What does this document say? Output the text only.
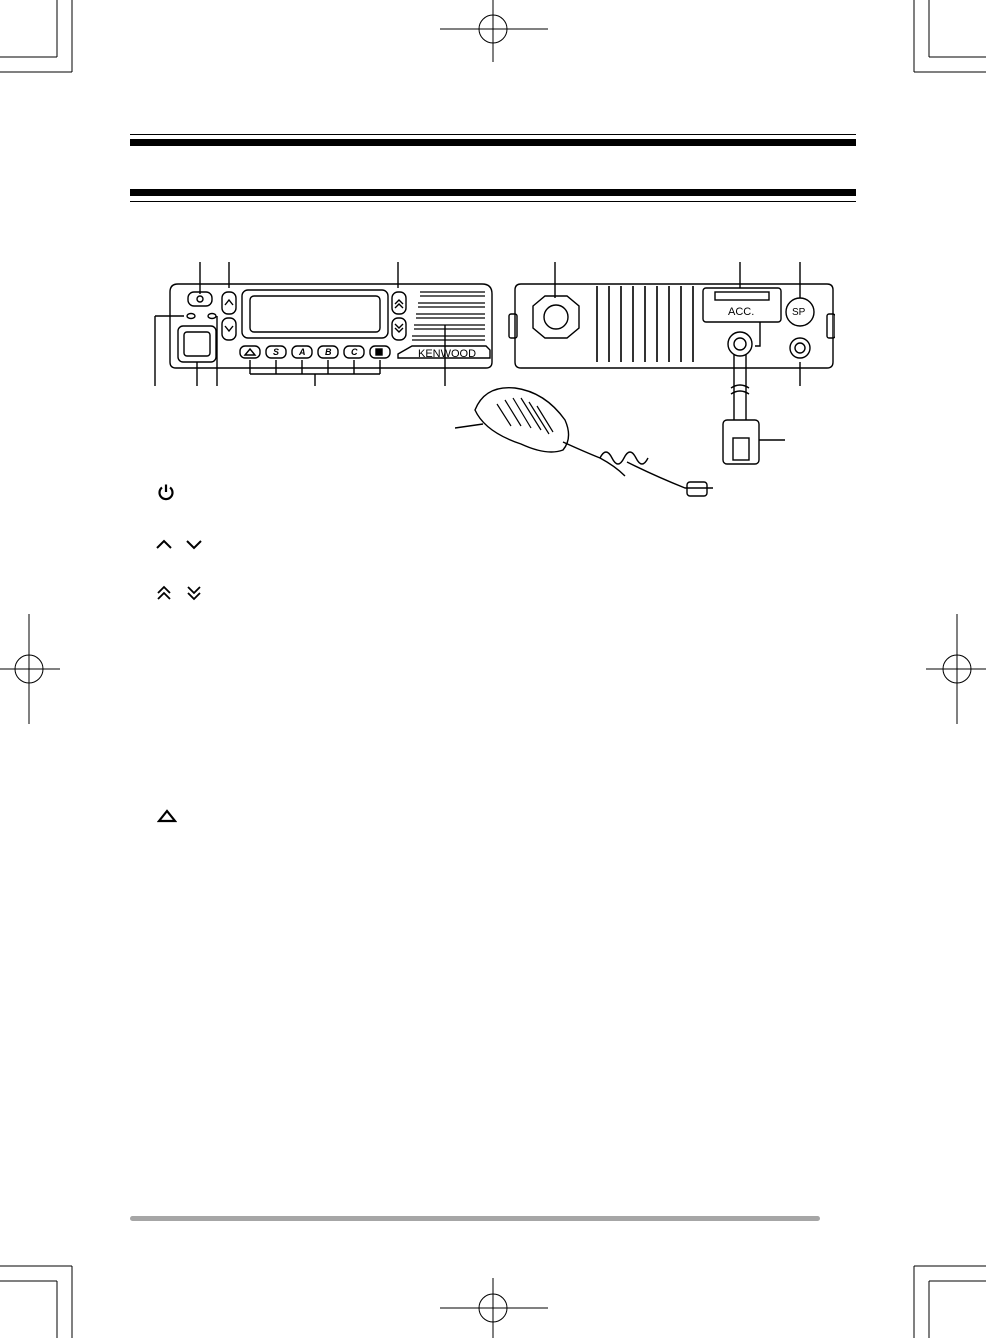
KENWOOD
S A B C
ACC.	SP
